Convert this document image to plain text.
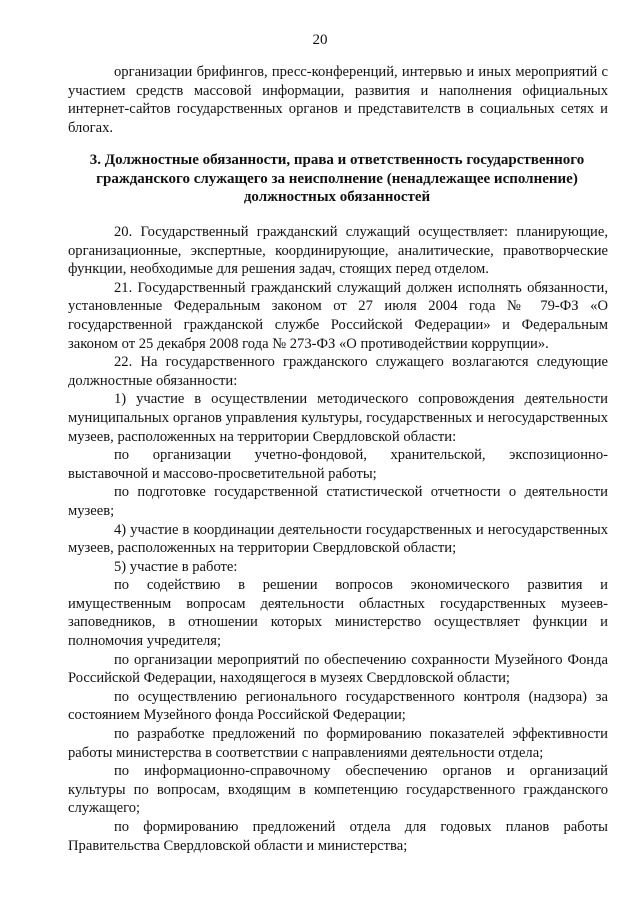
20

организации брифингов, пресс-конференций, интервью и иных мероприятий с участием средств массовой информации, развития и наполнения официальных интернет-сайтов государственных органов и представителств в социальных сетях и блогах.

3. Должностные обязанности, права и ответственность государственного гражданского служащего за неисполнение (ненадлежащее исполнение) должностных обязанностей

20. Государственный гражданский служащий осуществляет: планирующие, организационные, экспертные, координирующие, аналитические, правотворческие функции, необходимые для решения задач, стоящих перед отделом.

21. Государственный гражданский служащий должен исполнять обязанности, установленные Федеральным законом от 27 июля 2004 года № 79-ФЗ «О государственной гражданской службе Российской Федерации» и Федеральным законом от 25 декабря 2008 года № 273-ФЗ «О противодействии коррупции».

22. На государственного гражданского служащего возлагаются следующие должностные обязанности:

1) участие в осуществлении методического сопровождения деятельности муниципальных органов управления культуры, государственных и негосударственных музеев, расположенных на территории Свердловской области:

по организации учетно-фондовой, хранительской, экспозиционно-выставочной и массово-просветительной работы;

по подготовке государственной статистической отчетности о деятельности музеев;

4) участие в координации деятельности государственных и негосударственных музеев, расположенных на территории Свердловской области;

5) участие в работе:

по содействию в решении вопросов экономического развития и имущественным вопросам деятельности областных государственных музеев-заповедников, в отношении которых министерство осуществляет функции и полномочия учредителя;

по организации мероприятий по обеспечению сохранности Музейного Фонда Российской Федерации, находящегося в музеях Свердловской области;

по осуществлению регионального государственного контроля (надзора) за состоянием Музейного фонда Российской Федерации;

по разработке предложений по формированию показателей эффективности работы министерства в соответствии с направлениями деятельности отдела;

по информационно-справочному обеспечению органов и организаций культуры по вопросам, входящим в компетенцию государственного гражданского служащего;

по формированию предложений отдела для годовых планов работы Правительства Свердловской области и министерства;
